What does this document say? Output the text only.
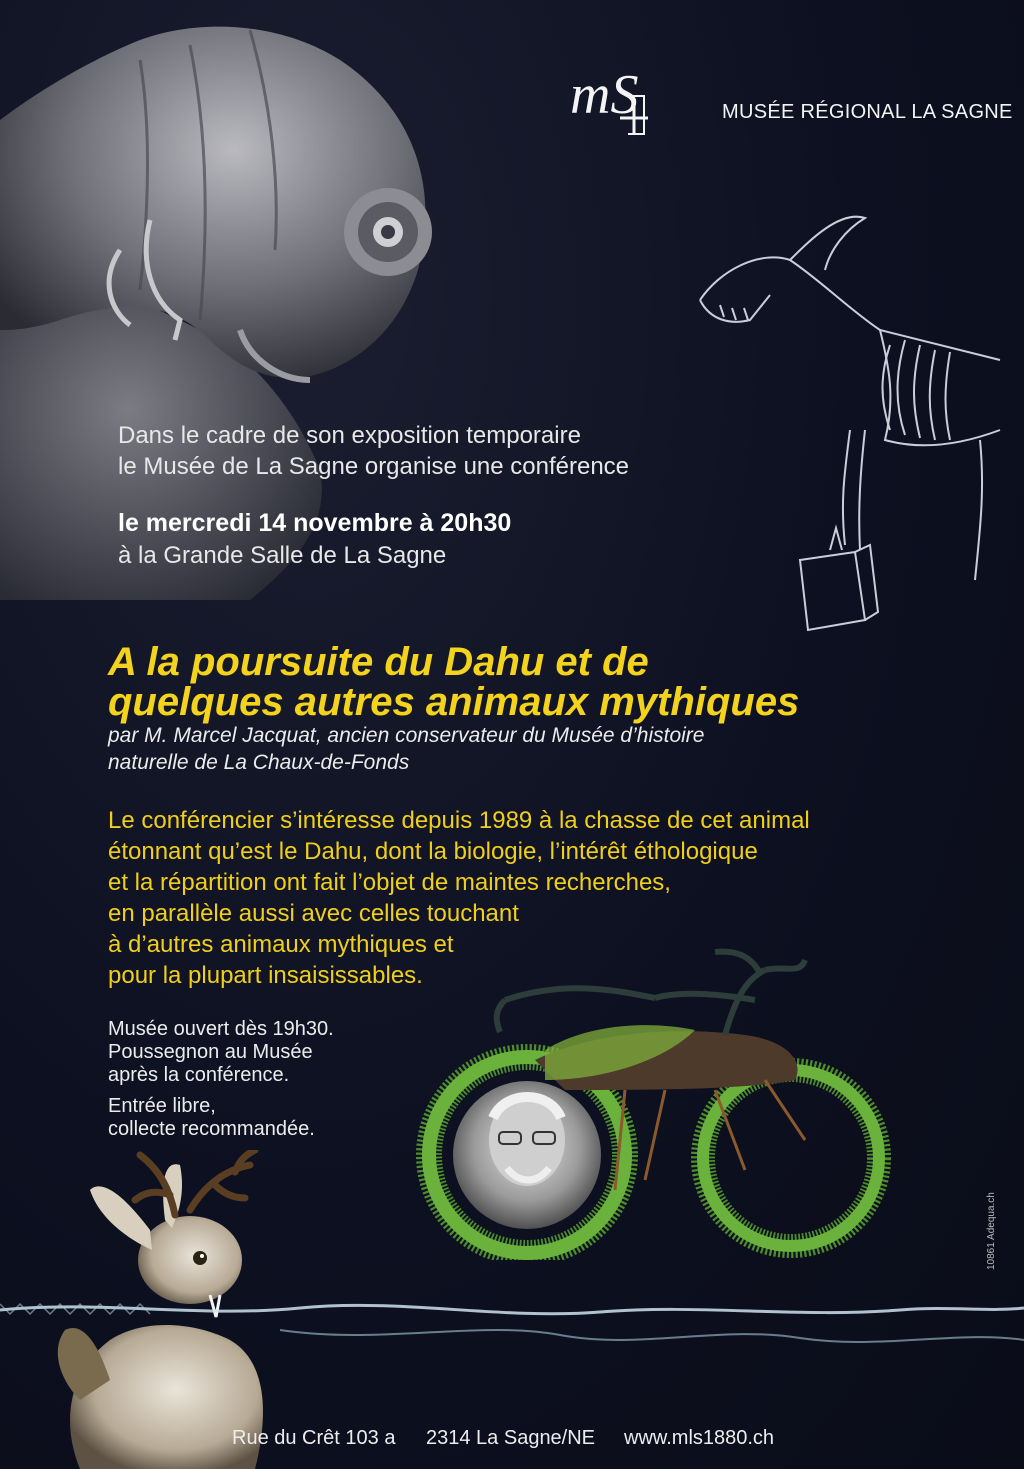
mS	MUSÉE RÉGIONAL LA SAGNE
Dans le cadre de son exposition temporaire
le Musée de La Sagne organise une conférence
le mercredi 14 novembre à 20h30
à la Grande Salle de La Sagne
A la poursuite du Dahu et de
quelques autres animaux mythiques
par M. Marcel Jacquat, ancien conservateur du Musée d’histoire
naturelle de La Chaux-de-Fonds
Le conférencier s’intéresse depuis 1989 à la chasse de cet animal
étonnant qu’est le Dahu, dont la biologie, l’intérêt éthologique
et la répartition ont fait l’objet de maintes recherches,
en parallèle aussi avec celles touchant
à d’autres animaux mythiques et
pour la plupart insaisissables.

Musée ouvert dès 19h30.

Poussegnon au Musée

après la conférence.

Entrée libre,

collecte recommandée.

Rue du Crêt 103 a 2314 La Sagne/NE www.mls1880.ch
10861 Adequa.ch
